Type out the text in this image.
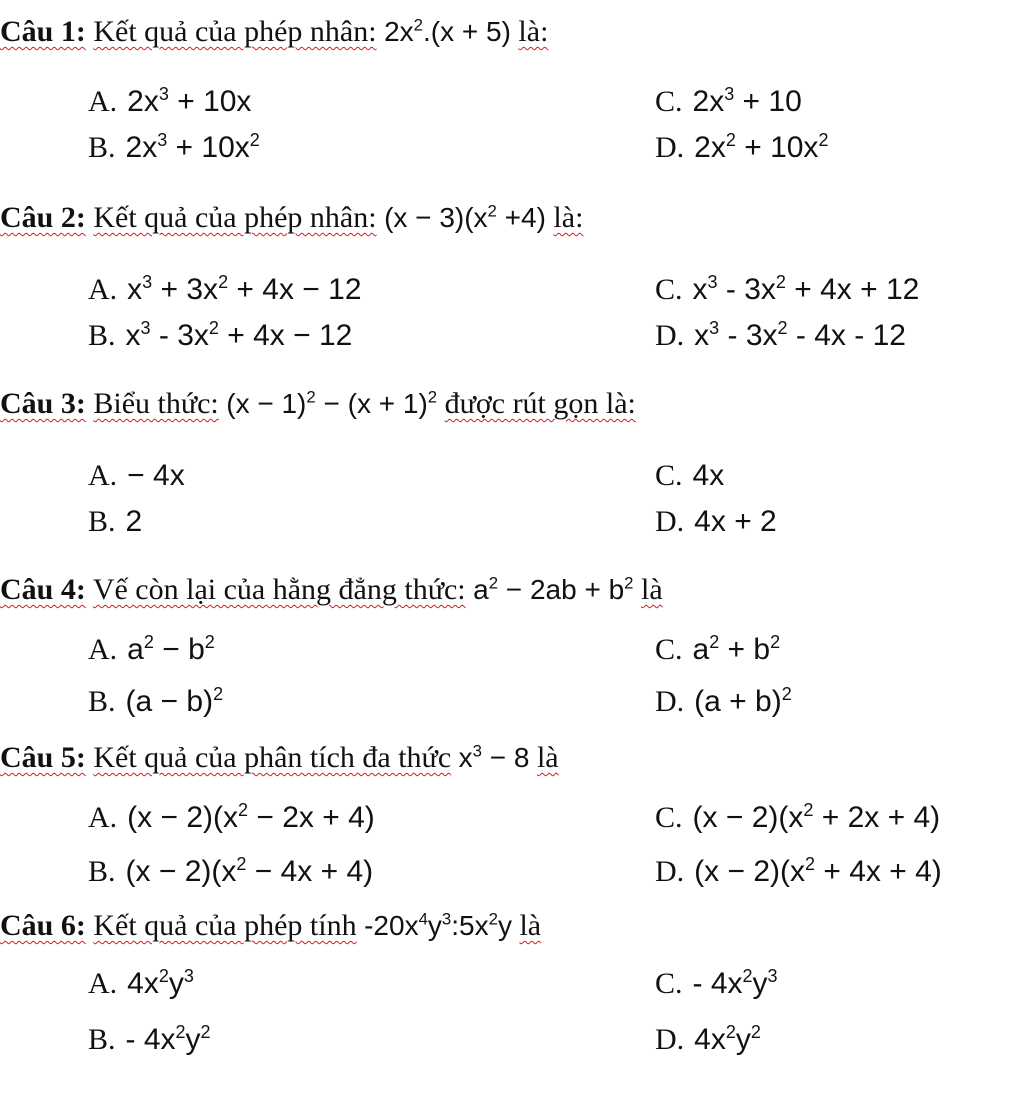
Câu 1: Kết quả của phép nhân: $2x^2.(x + 5)$ là:
A. $2x^3 + 10x$
B. $2x^3 + 10x^2$
C. $2x^3 + 10$
D. $2x^2 + 10x^2$
Câu 2: Kết quả của phép nhân: $(x - 3)(x^2 +4)$ là:
A. $x^3 + 3x^2 + 4x - 12$
B. $x^3 - 3x^2 + 4x - 12$
C. $x^3 - 3x^2 + 4x + 12$
D. $x^3 - 3x^2 - 4x - 12$
Câu 3: Biểu thức: $(x - 1)^2 - (x + 1)^2$ được rút gọn là:
A. − 4x
B. 2
C. 4x
D. 4x + 2
Câu 4: Vế còn lại của hằng đẳng thức: $a^2 - 2ab + b^2$ là
A. $a^2 - b^2$
B. $(a - b)^2$
C. $a^2 + b^2$
D. $(a + b)^2$
Câu 5: Kết quả của phân tích đa thức $x^3 - 8$ là
A. $(x - 2)(x^2 - 2x + 4)$
B. $(x - 2)(x^2 - 4x + 4)$
C. $(x - 2)(x^2 + 2x + 4)$
D. $(x - 2)(x^2 + 4x + 4)$
Câu 6: Kết quả của phép tính $-20x^4y^3:5x^2y$ là
A. $4x^2y^3$
B. - $4x^2y^2$
C. - $4x^2y^3$
D. $4x^2y^2$
